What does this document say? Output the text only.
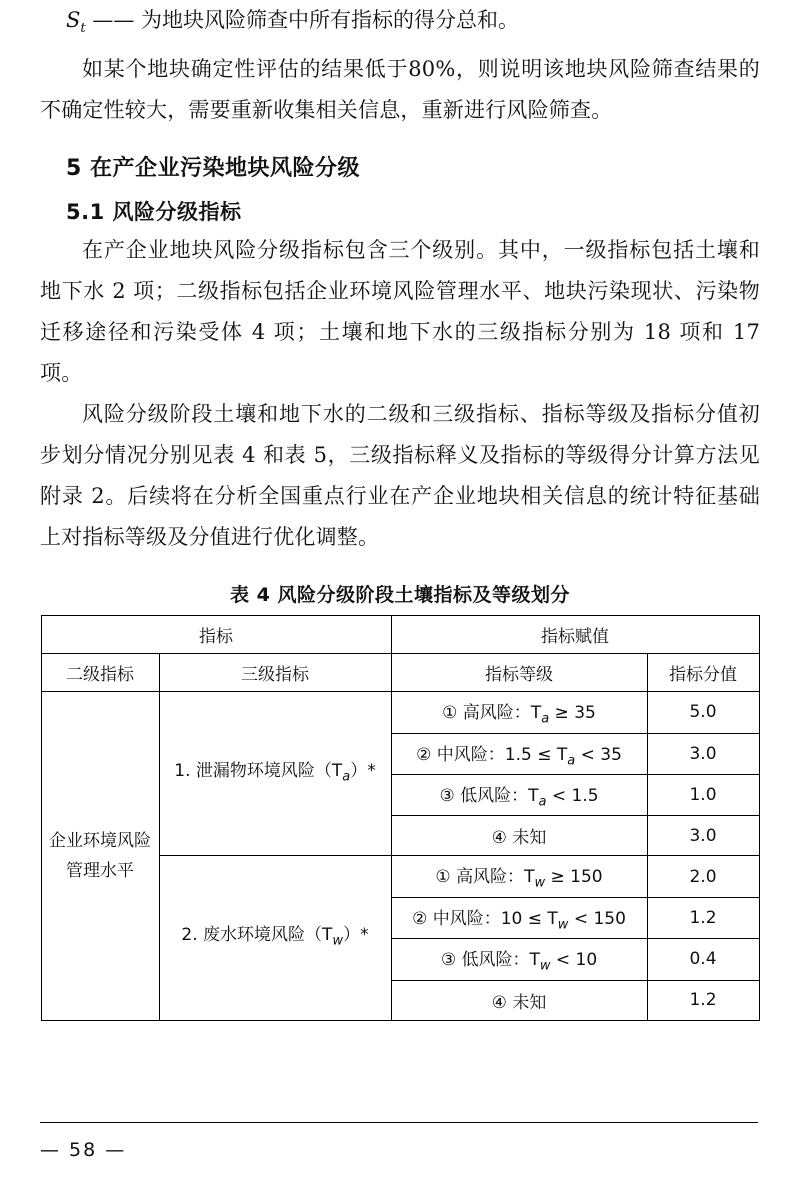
$S_t$ —— 为地块风险筛查中所有指标的得分总和。

如某个地块确定性评估的结果低于80%，则说明该地块风险筛查结果的不确定性较大，需要重新收集相关信息，重新进行风险筛查。

5 在产企业污染地块风险分级
5.1 风险分级指标

在产企业地块风险分级指标包含三个级别。其中，一级指标包括土壤和地下水 2 项；二级指标包括企业环境风险管理水平、地块污染现状、污染物迁移途径和污染受体 4 项；土壤和地下水的三级指标分别为 18 项和 17 项。

风险分级阶段土壤和地下水的二级和三级指标、指标等级及指标分值初步划分情况分别见表 4 和表 5，三级指标释义及指标的等级得分计算方法见附录 2。后续将在分析全国重点行业在产企业地块相关信息的统计特征基础上对指标等级及分值进行优化调整。

表 4 风险分级阶段土壤指标及等级划分
指标		指标赋值	
二级指标	三级指标	指标等级	指标分值
企业环境风险
管理水平	1. 泄漏物环境风险$(T_a)*$	① 高风险：$T_a \ge 35$	5.0
		② 中风险：$1.5 \le T_a < 35$	3.0
		③ 低风险：$T_a < 1.5$	1.0
		④ 未知	3.0
	2. 废水环境风险$(T_w)*$	① 高风险：$T_w \ge 150$	2.0
		② 中风险：$10 \le T_w < 150$	1.2
		③ 低风险：$T_w < 10$	0.4
		④ 未知	1.2
— 58 —
